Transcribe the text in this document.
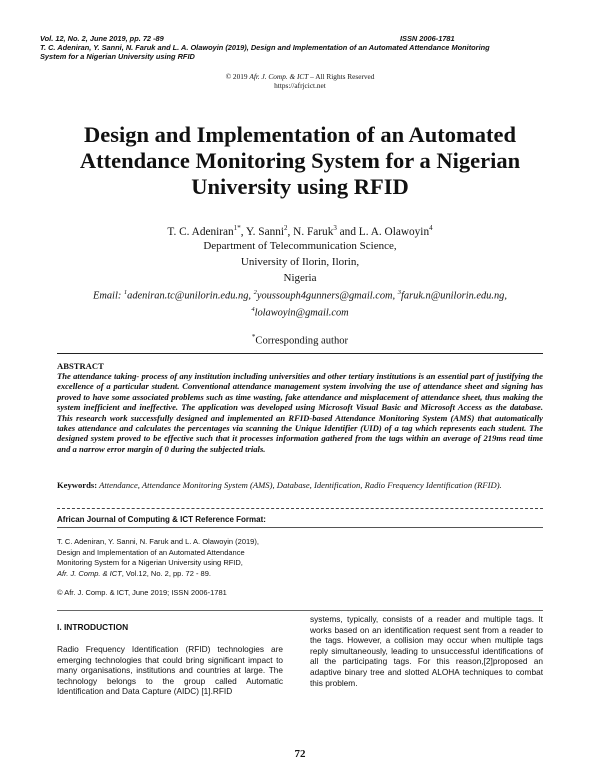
Vol. 12, No. 2, June 2019, pp. 72 -89	ISSN 2006-1781
T. C. Adeniran, Y. Sanni, N. Faruk and L. A. Olawoyin (2019), Design and Implementation of an Automated Attendance Monitoring
System for a Nigerian University using RFID
© 2019 Afr. J. Comp. & ICT – All Rights Reserved
https://afrjcict.net
Design and Implementation of an Automated Attendance Monitoring System for a Nigerian University using RFID
T. C. Adeniran$^{1*}$, Y. Sanni$^2$, N. Faruk$^3$ and L. A. Olawoyin$^4$
Department of Telecommunication Science,
University of Ilorin, Ilorin,
Nigeria
Email: $^1$adeniran.tc@unilorin.edu.ng, $^2$youssouph4gunners@gmail.com, $^3$faruk.n@unilorin.edu.ng,
$^4$lolawoyin@gmail.com
*Corresponding author
ABSTRACT
The attendance taking- process of any institution including universities and other tertiary institutions is an essential part of justifying the excellence of a particular student. Conventional attendance management system involving the use of attendance sheet and signing has proved to have some associated problems such as time wasting, fake attendance and misplacement of attendance sheet, thus making the system inefficient and ineffective. The application was developed using Microsoft Visual Basic and Microsoft Access as the database. This research work successfully designed and implemented an RFID-based Attendance Monitoring System (AMS) that automatically takes attendance and calculates the percentages via scanning the Unique Identifier (UID) of a tag which represents each student. The designed system proved to be effective such that it processes information gathered from the tags within an average of 219ms read time and a narrow error margin of 0 during the subjected trials.
Keywords: Attendance, Attendance Monitoring System (AMS), Database, Identification, Radio Frequency Identification (RFID).
African Journal of Computing & ICT Reference Format:
T. C. Adeniran, Y. Sanni, N. Faruk and L. A. Olawoyin (2019),
Design and Implementation of an Automated Attendance
Monitoring System for a Nigerian University using RFID,
Afr. J. Comp. & ICT, Vol.12, No. 2, pp. 72 - 89.
© Afr. J. Comp. & ICT, June 2019; ISSN 2006-1781
I. INTRODUCTION
Radio Frequency Identification (RFID) technologies are emerging technologies that could bring significant impact to many organisations, institutions and countries at large. The technology belongs to the group called Automatic Identification and Data Capture (AIDC) [1].RFID
systems, typically, consists of a reader and multiple tags. It works based on an identification request sent from a reader to the tags. However, a collision may occur when multiple tags reply simultaneously, leading to unsuccessful identifications of all the participating tags. For this reason,[2]proposed an adaptive binary tree and slotted ALOHA techniques to combat this problem.
72
